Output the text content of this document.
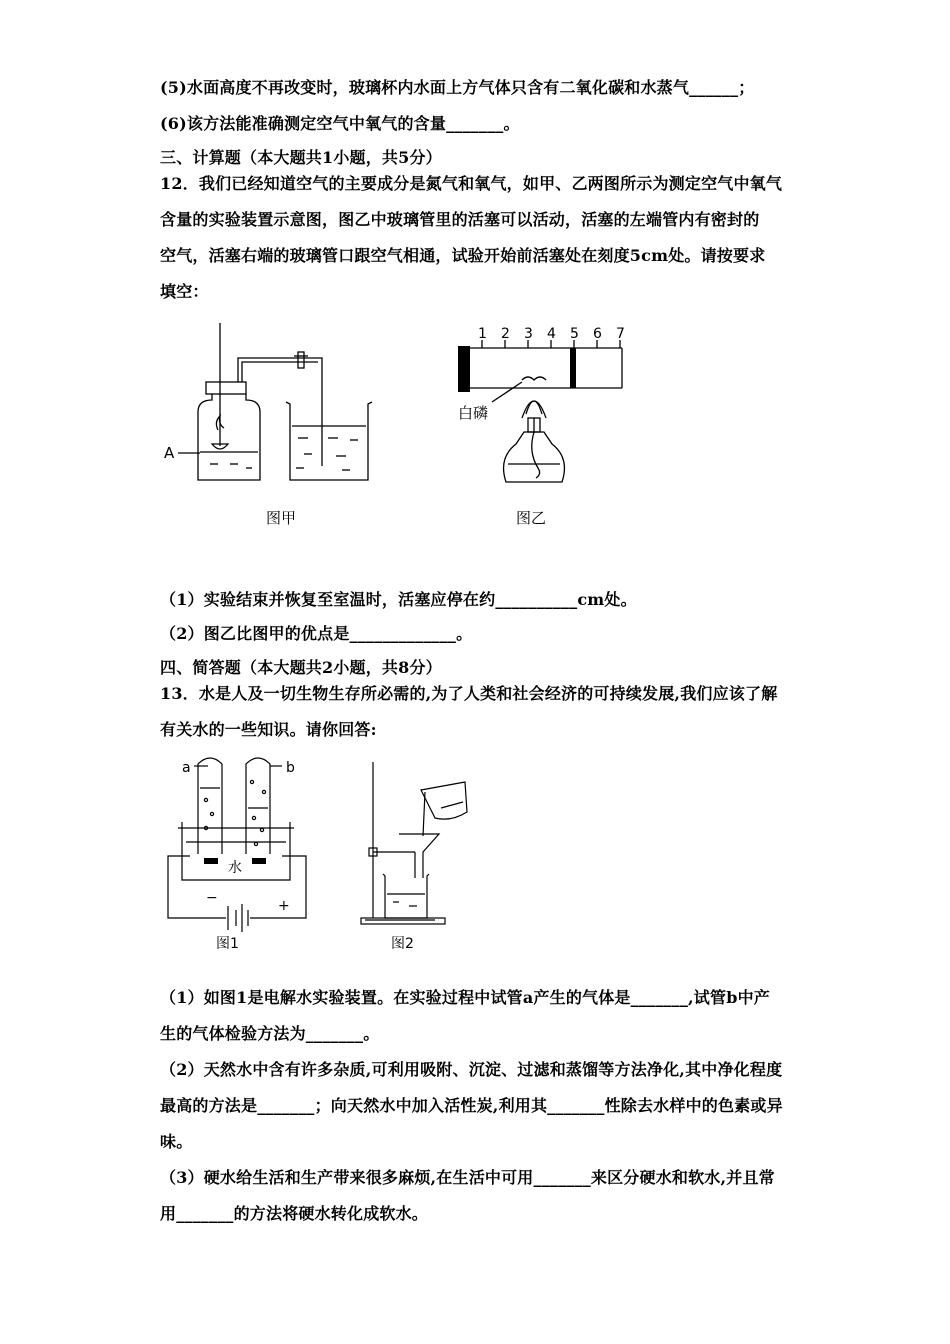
(5)水面高度不再改变时，玻璃杯内水面上方气体只含有二氧化碳和水蒸气______；
(6)该方法能准确测定空气中氧气的含量_______。
三、计算题（本大题共1小题，共5分）
12．我们已经知道空气的主要成分是氮气和氧气，如甲、乙两图所示为测定空气中氧气
含量的实验装置示意图，图乙中玻璃管里的活塞可以活动，活塞的左端管内有密封的
空气，活塞右端的玻璃管口跟空气相通，试验开始前活塞处在刻度5cm处。请按要求
填空：
A
图甲
1 2 3 4 5 6 7
白磷
图乙
（1）实验结束并恢复至室温时，活塞应停在约__________cm处。
（2）图乙比图甲的优点是_____________。
四、简答题（本大题共2小题，共8分）
13．水是人及一切生物生存所必需的,为了人类和社会经济的可持续发展,我们应该了解
有关水的一些知识。请你回答:
a	b
水
−	+
图1	图2
（1）如图1是电解水实验装置。在实验过程中试管a产生的气体是_______,试管b中产
生的气体检验方法为_______。
（2）天然水中含有许多杂质,可利用吸附、沉淀、过滤和蒸馏等方法净化,其中净化程度
最高的方法是_______；向天然水中加入活性炭,利用其_______性除去水样中的色素或异
味。
（3）硬水给生活和生产带来很多麻烦,在生活中可用_______来区分硬水和软水,并且常
用_______的方法将硬水转化成软水。
